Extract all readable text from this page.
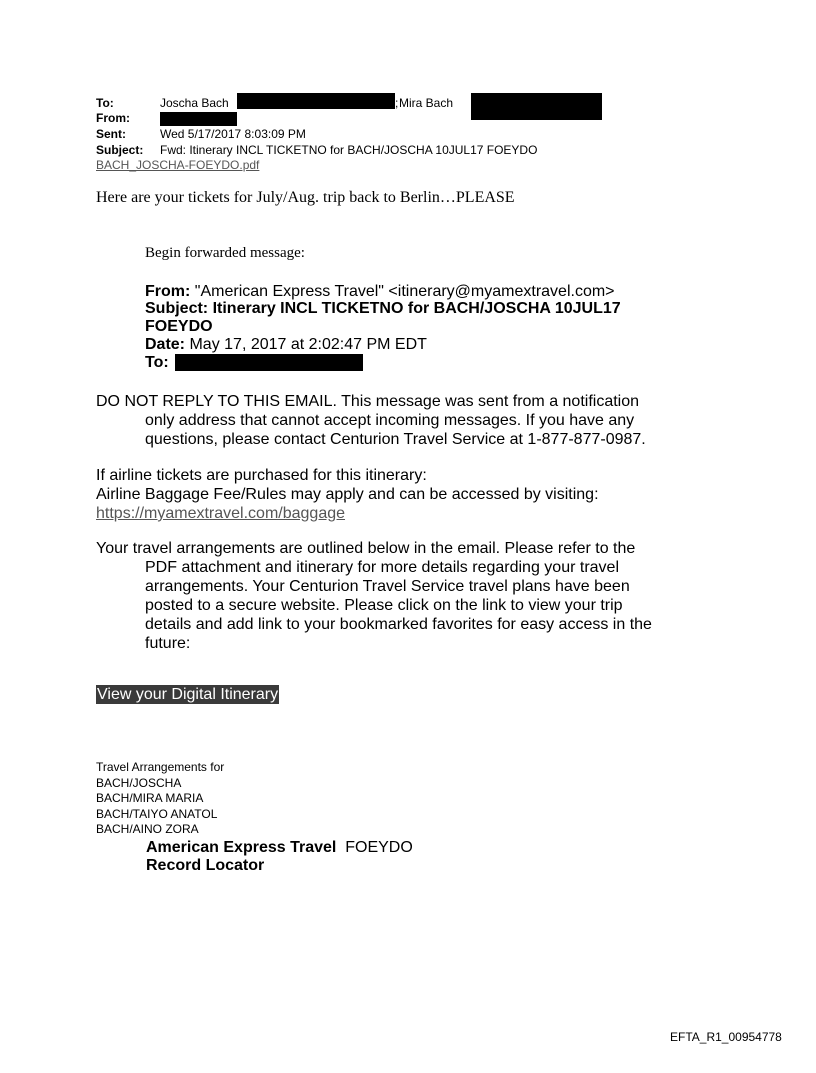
To:	Joscha Bach	; Mira Bach
From:
Sent:	Wed 5/17/2017 8:03:09 PM
Subject: Fwd: Itinerary INCL TICKETNO for BACH/JOSCHA 10JUL17 FOEYDO
BACH_JOSCHA-FOEYDO.pdf
Here are your tickets for July/Aug. trip back to Berlin…PLEASE
Begin forwarded message:
From: "American Express Travel" <itinerary@myamextravel.com>
Subject: Itinerary INCL TICKETNO for BACH/JOSCHA 10JUL17
FOEYDO
Date: May 17, 2017 at 2:02:47 PM EDT
To:
DO NOT REPLY TO THIS EMAIL. This message was sent from a notification
only address that cannot accept incoming messages. If you have any
questions, please contact Centurion Travel Service at 1-877-877-0987.
If airline tickets are purchased for this itinerary:
Airline Baggage Fee/Rules may apply and can be accessed by visiting:
https://myamextravel.com/baggage
Your travel arrangements are outlined below in the email. Please refer to the
PDF attachment and itinerary for more details regarding your travel
arrangements. Your Centurion Travel Service travel plans have been
posted to a secure website. Please click on the link to view your trip
details and add link to your bookmarked favorites for easy access in the
future:
View your Digital Itinerary
Travel Arrangements for
BACH/JOSCHA
BACH/MIRA MARIA
BACH/TAIYO ANATOL
BACH/AINO ZORA
American Express Travel FOEYDO
Record Locator
EFTA_R1_00954778
